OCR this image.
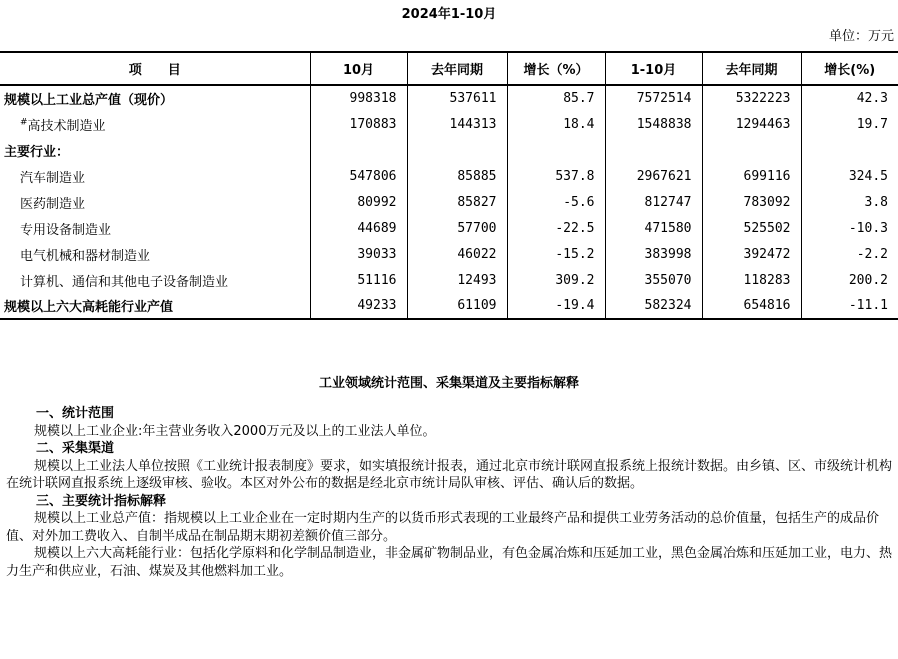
2024年1-10月
单位：万元
项　　目	10月	去年同期	增长（%）	1-10月	去年同期	增长(%)
规模以上工业总产值（现价）	998318	537611	85.7	7572514	5322223	42.3
#高技术制造业	170883	144313	18.4	1548838	1294463	19.7
主要行业：						
汽车制造业	547806	85885	537.8	2967621	699116	324.5
医药制造业	80992	85827	-5.6	812747	783092	3.8
专用设备制造业	44689	57700	-22.5	471580	525502	-10.3
电气机械和器材制造业	39033	46022	-15.2	383998	392472	-2.2
计算机、通信和其他电子设备制造业	51116	12493	309.2	355070	118283	200.2
规模以上六大高耗能行业产值	49233	61109	-19.4	582324	654816	-11.1
工业领域统计范围、采集渠道及主要指标解释
一、统计范围
规模以上工业企业:年主营业务收入2000万元及以上的工业法人单位。
二、采集渠道
规模以上工业法人单位按照《工业统计报表制度》要求，如实填报统计报表，通过北京市统计联网直报系统上报统计数据。由乡镇、区、市级统计机构在统计联网直报系统上逐级审核、验收。本区对外公布的数据是经北京市统计局队审核、评估、确认后的数据。
三、主要统计指标解释
规模以上工业总产值：指规模以上工业企业在一定时期内生产的以货币形式表现的工业最终产品和提供工业劳务活动的总价值量，包括生产的成品价值、对外加工费收入、自制半成品在制品期末期初差额价值三部分。
规模以上六大高耗能行业：包括化学原料和化学制品制造业，非金属矿物制品业，有色金属冶炼和压延加工业，黑色金属冶炼和压延加工业，电力、热力生产和供应业，石油、煤炭及其他燃料加工业。
